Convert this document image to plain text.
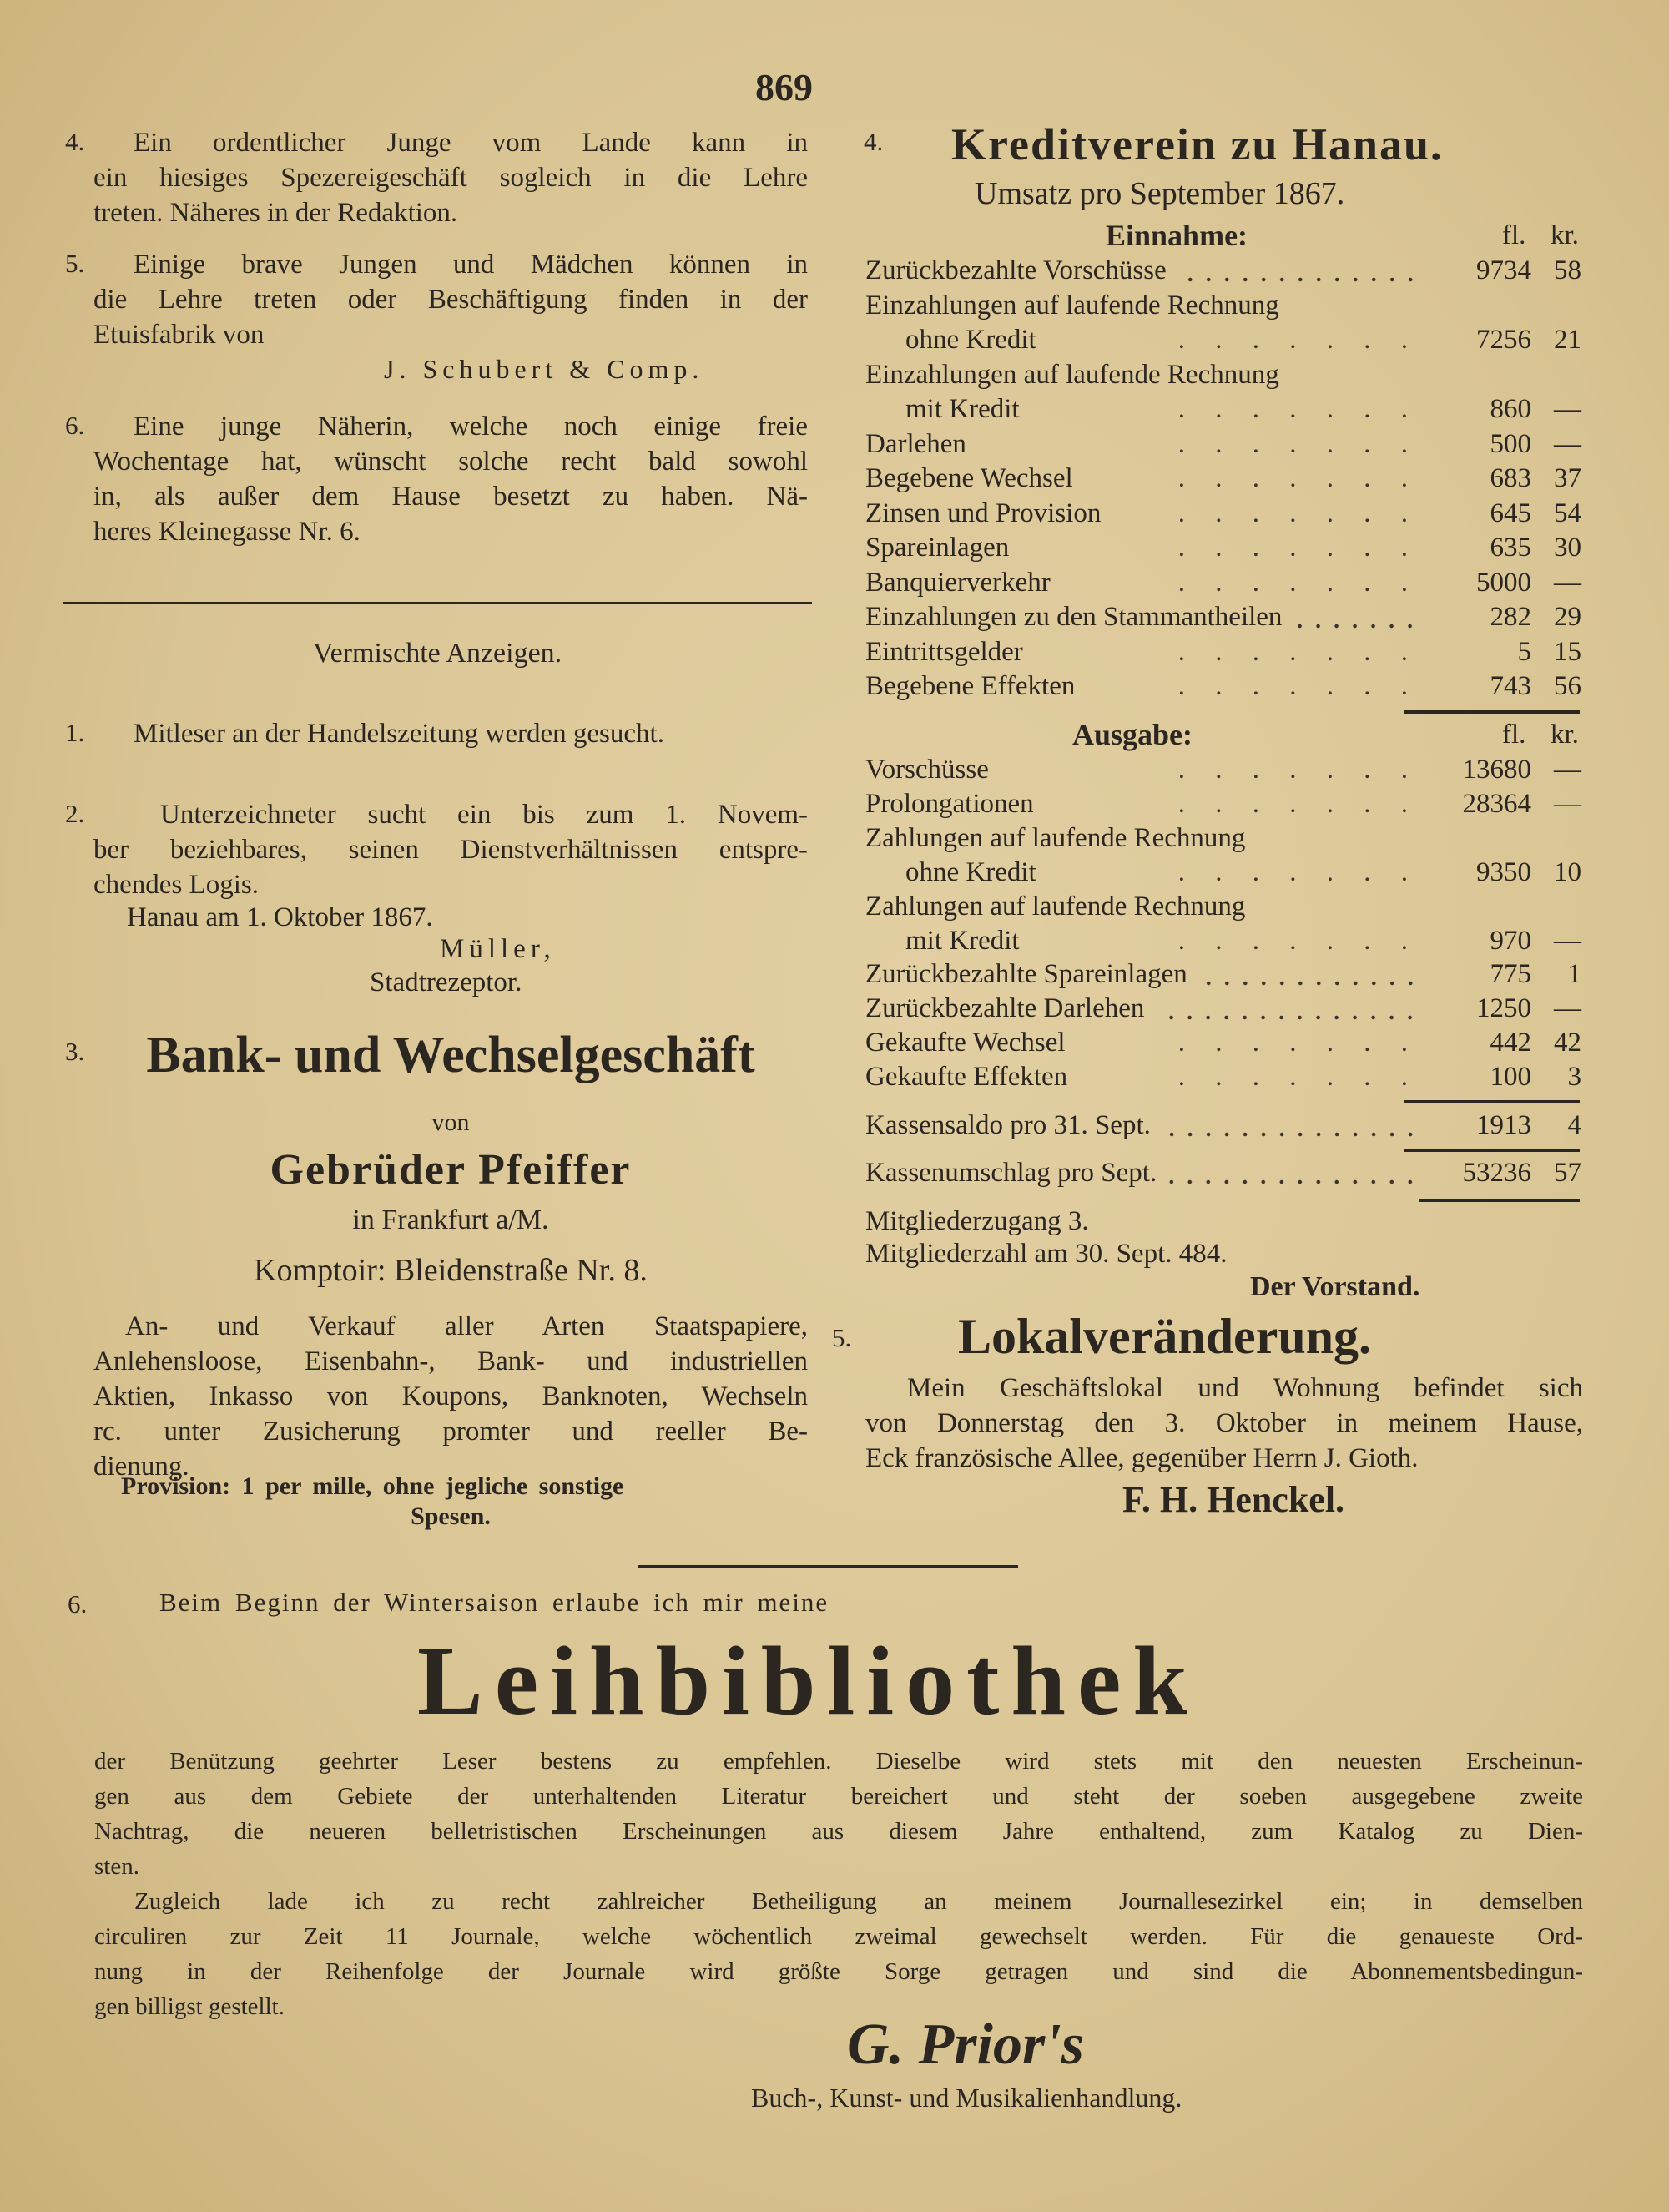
869
4.	Ein ordentlicher Junge vom Lande kann in
ein hiesiges Spezereigeschäft sogleich in die Lehre
treten. Näheres in der Redaktion.
5.	Einige brave Jungen und Mädchen können in
die Lehre treten oder Beschäftigung finden in der
Etuisfabrik von
J. Schubert & Comp.
6.	Eine junge Näherin, welche noch einige freie
Wochentage hat, wünscht solche recht bald sowohl
in, als außer dem Hause besetzt zu haben. Nä-
heres Kleinegasse Nr. 6.
Vermischte Anzeigen.
1. Mitleser an der Handelszeitung werden gesucht.
2.	Unterzeichneter sucht ein bis zum 1. Novem-
ber beziehbares, seinen Dienstverhältnissen entspre-
chendes Logis.
Hanau am 1. Oktober 1867.
Müller,
Stadtrezeptor.
3.	Bank- und Wechselgeschäft
von
Gebrüder Pfeiffer
in Frankfurt a/M.
Komptoir: Bleidenstraße Nr. 8.
An- und Verkauf aller Arten Staatspapiere,
Anlehensloose, Eisenbahn-, Bank- und industriellen
Aktien, Inkasso von Koupons, Banknoten, Wechseln
rc. unter Zusicherung promter und reeller Be-
dienung.
Provision: 1 per mille, ohne jegliche sonstige
Spesen.
4. Kreditverein zu Hanau.
Umsatz pro September 1867.
Einnahme:	fl. kr.
Zurückbezahlte Vorschüsse	9734 58
Einzahlungen auf laufende Rechnung
ohne Kredit	. . . . . . .	7256 21
Einzahlungen auf laufende Rechnung
mit Kredit	. . . . . . .	860 —
Darlehen	. . . . . . .	500 —
Begebene Wechsel	. . . . . . .	683 37
Zinsen und Provision	. . . . . . .	645 54
Spareinlagen	. . . . . . .	635 30
Banquierverkehr	. . . . . . .	5000 —
Einzahlungen zu den Stammantheilen	282 29
Eintrittsgelder	. . . . . . .	5 15
Begebene Effekten	. . . . . . .	743 56
Ausgabe:	fl. kr.
Vorschüsse	. . . . . . .	13680 —
Prolongationen	. . . . . . .	28364 —
Zahlungen auf laufende Rechnung
ohne Kredit	. . . . . . .	9350 10
Zahlungen auf laufende Rechnung
mit Kredit	. . . . . . .	970 —
Zurückbezahlte Spareinlagen	775	1
Zurückbezahlte Darlehen	1250 —
Gekaufte Wechsel	. . . . . . .	442 42
Gekaufte Effekten	. . . . . . .	100	3
Kassensaldo pro 31. Sept.	1913	4
Kassenumschlag pro Sept.	53236 57
Mitgliederzugang 3.
Mitgliederzahl am 30. Sept. 484.
Der Vorstand.
5. Lokalveränderung.
Mein Geschäftslokal und Wohnung befindet sich
von Donnerstag den 3. Oktober in meinem Hause,
Eck französische Allee, gegenüber Herrn J. Gioth.
F. H. Henckel.
6.	Beim Beginn der Wintersaison erlaube ich mir meine
Leihbibliothek
der Benützung geehrter Leser bestens zu empfehlen. Dieselbe wird stets mit den neuesten Erscheinun-
gen aus dem Gebiete der unterhaltenden Literatur bereichert und steht der soeben ausgegebene zweite
Nachtrag, die neueren belletristischen Erscheinungen aus diesem Jahre enthaltend, zum Katalog zu Dien-
sten.
Zugleich lade ich zu recht zahlreicher Betheiligung an meinem Journallesezirkel ein; in demselben
circuliren zur Zeit 11 Journale, welche wöchentlich zweimal gewechselt werden. Für die genaueste Ord-
nung in der Reihenfolge der Journale wird größte Sorge getragen und sind die Abonnementsbedingun-
gen billigst gestellt.
G. Prior's
Buch-, Kunst- und Musikalienhandlung.
